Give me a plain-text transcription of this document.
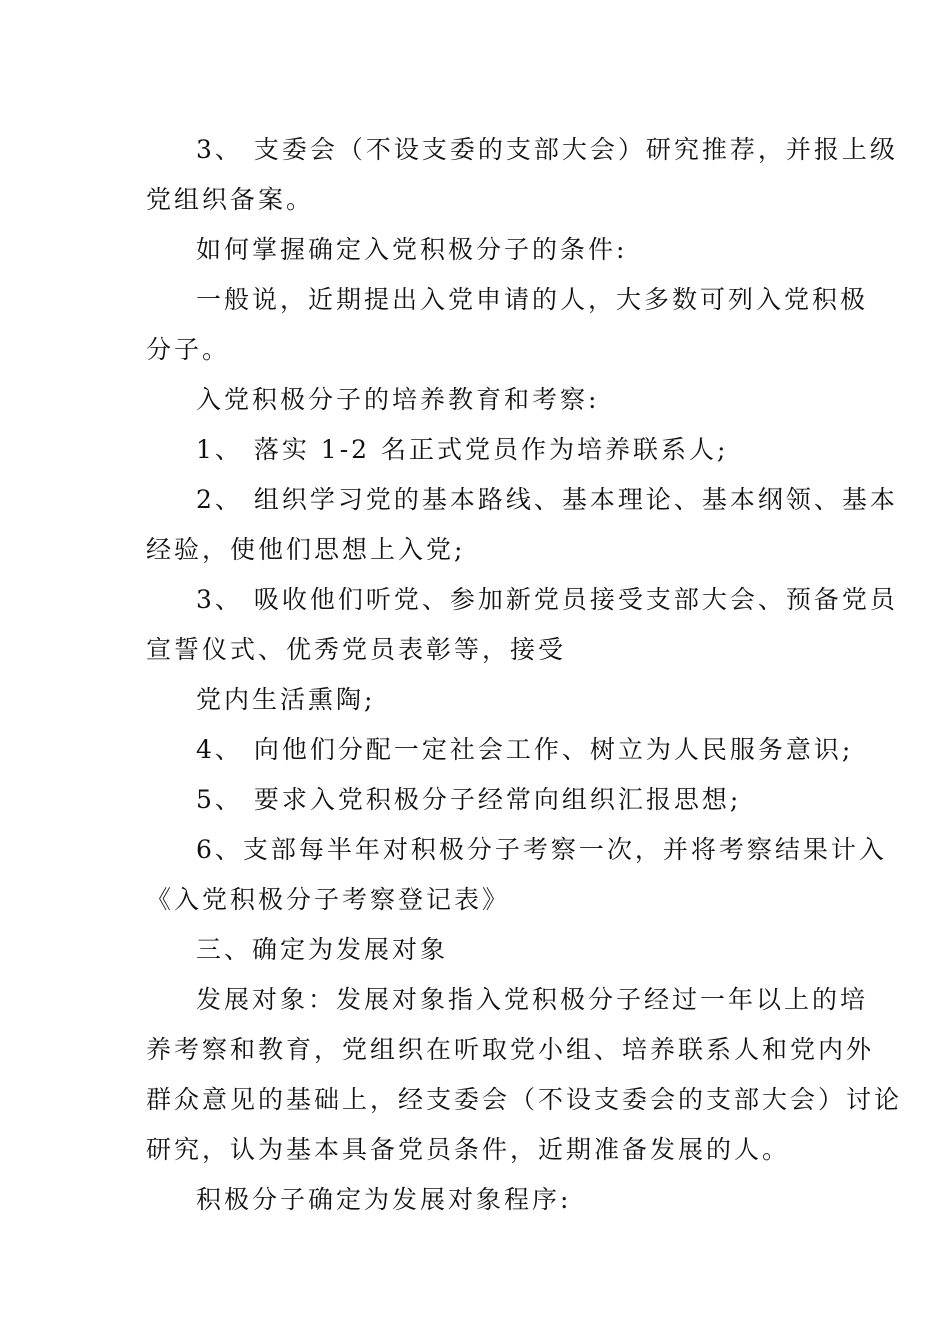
3、 支委会（不设支委的支部大会）研究推荐，并报上级
党组织备案。
如何掌握确定入党积极分子的条件:
一般说，近期提出入党申请的人，大多数可列入党积极
分子。
入党积极分子的培养教育和考察:
1、 落实 1-2 名正式党员作为培养联系人;
2、 组织学习党的基本路线、基本理论、基本纲领、基本
经验，使他们思想上入党;
3、 吸收他们听党、参加新党员接受支部大会、预备党员
宣誓仪式、优秀党员表彰等，接受
党内生活熏陶;
4、 向他们分配一定社会工作、树立为人民服务意识;
5、 要求入党积极分子经常向组织汇报思想;
6、支部每半年对积极分子考察一次，并将考察结果计入
《入党积极分子考察登记表》
三、确定为发展对象
发展对象：发展对象指入党积极分子经过一年以上的培
养考察和教育，党组织在听取党小组、培养联系人和党内外
群众意见的基础上，经支委会（不设支委会的支部大会）讨论
研究，认为基本具备党员条件，近期准备发展的人。
积极分子确定为发展对象程序:
